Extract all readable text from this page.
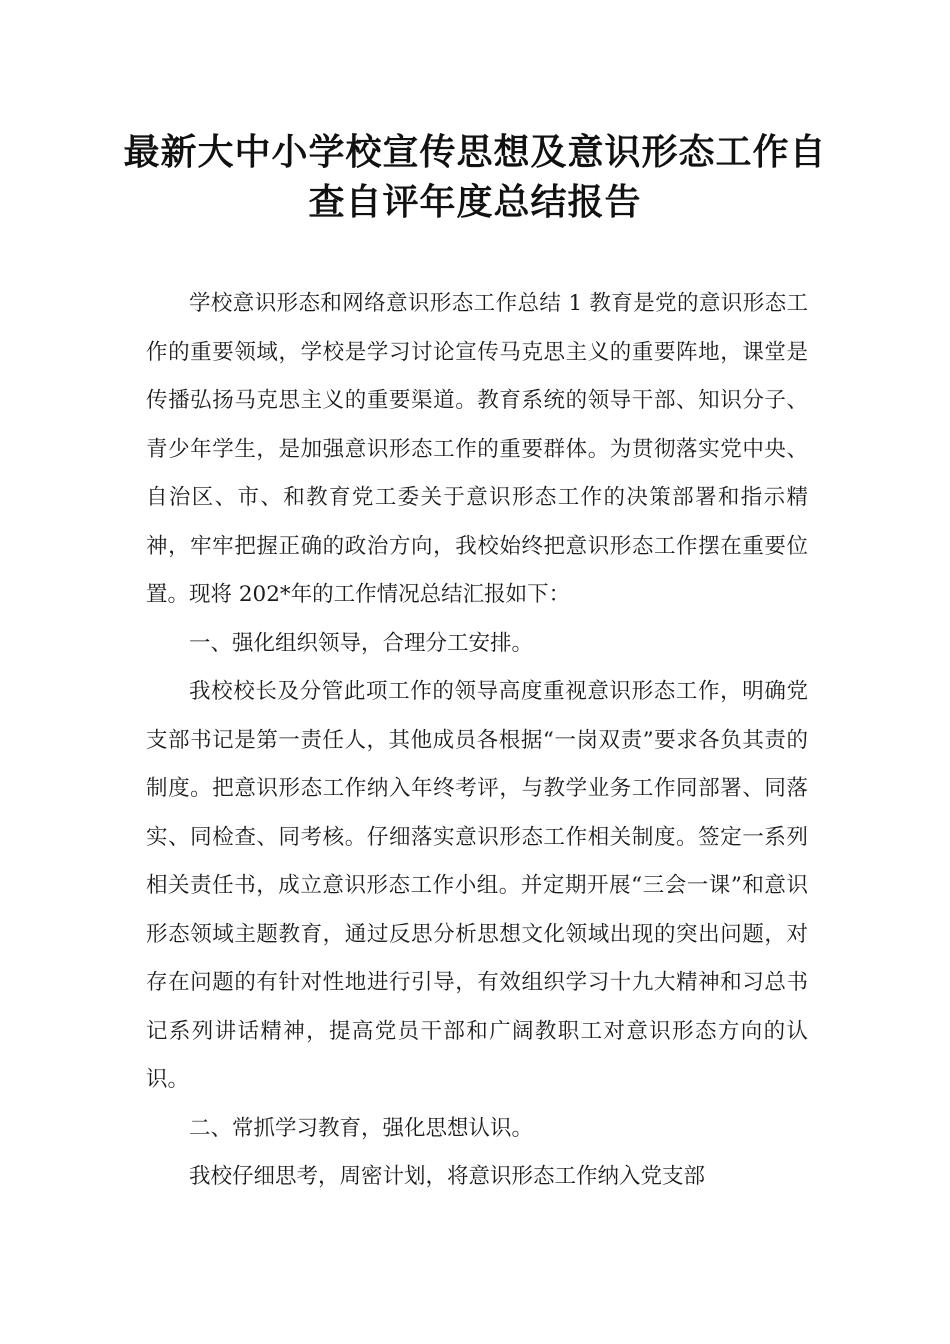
最新大中小学校宣传思想及意识形态工作自查自评年度总结报告

学校意识形态和网络意识形态工作总结 1 教育是党的意识形态工作的重要领域，学校是学习讨论宣传马克思主义的重要阵地，课堂是传播弘扬马克思主义的重要渠道。教育系统的领导干部、知识分子、青少年学生，是加强意识形态工作的重要群体。为贯彻落实党中央、自治区、市、和教育党工委关于意识形态工作的决策部署和指示精神，牢牢把握正确的政治方向，我校始终把意识形态工作摆在重要位置。现将 202*年的工作情况总结汇报如下：

一、强化组织领导，合理分工安排。

我校校长及分管此项工作的领导高度重视意识形态工作，明确党支部书记是第一责任人，其他成员各根据“一岗双责”要求各负其责的制度。把意识形态工作纳入年终考评，与教学业务工作同部署、同落实、同检查、同考核。仔细落实意识形态工作相关制度。签定一系列相关责任书，成立意识形态工作小组。并定期开展“三会一课”和意识形态领域主题教育，通过反思分析思想文化领域出现的突出问题，对存在问题的有针对性地进行引导，有效组织学习十九大精神和习总书记系列讲话精神，提高党员干部和广阔教职工对意识形态方向的认识。

二、常抓学习教育，强化思想认识。

我校仔细思考，周密计划，将意识形态工作纳入党支部
